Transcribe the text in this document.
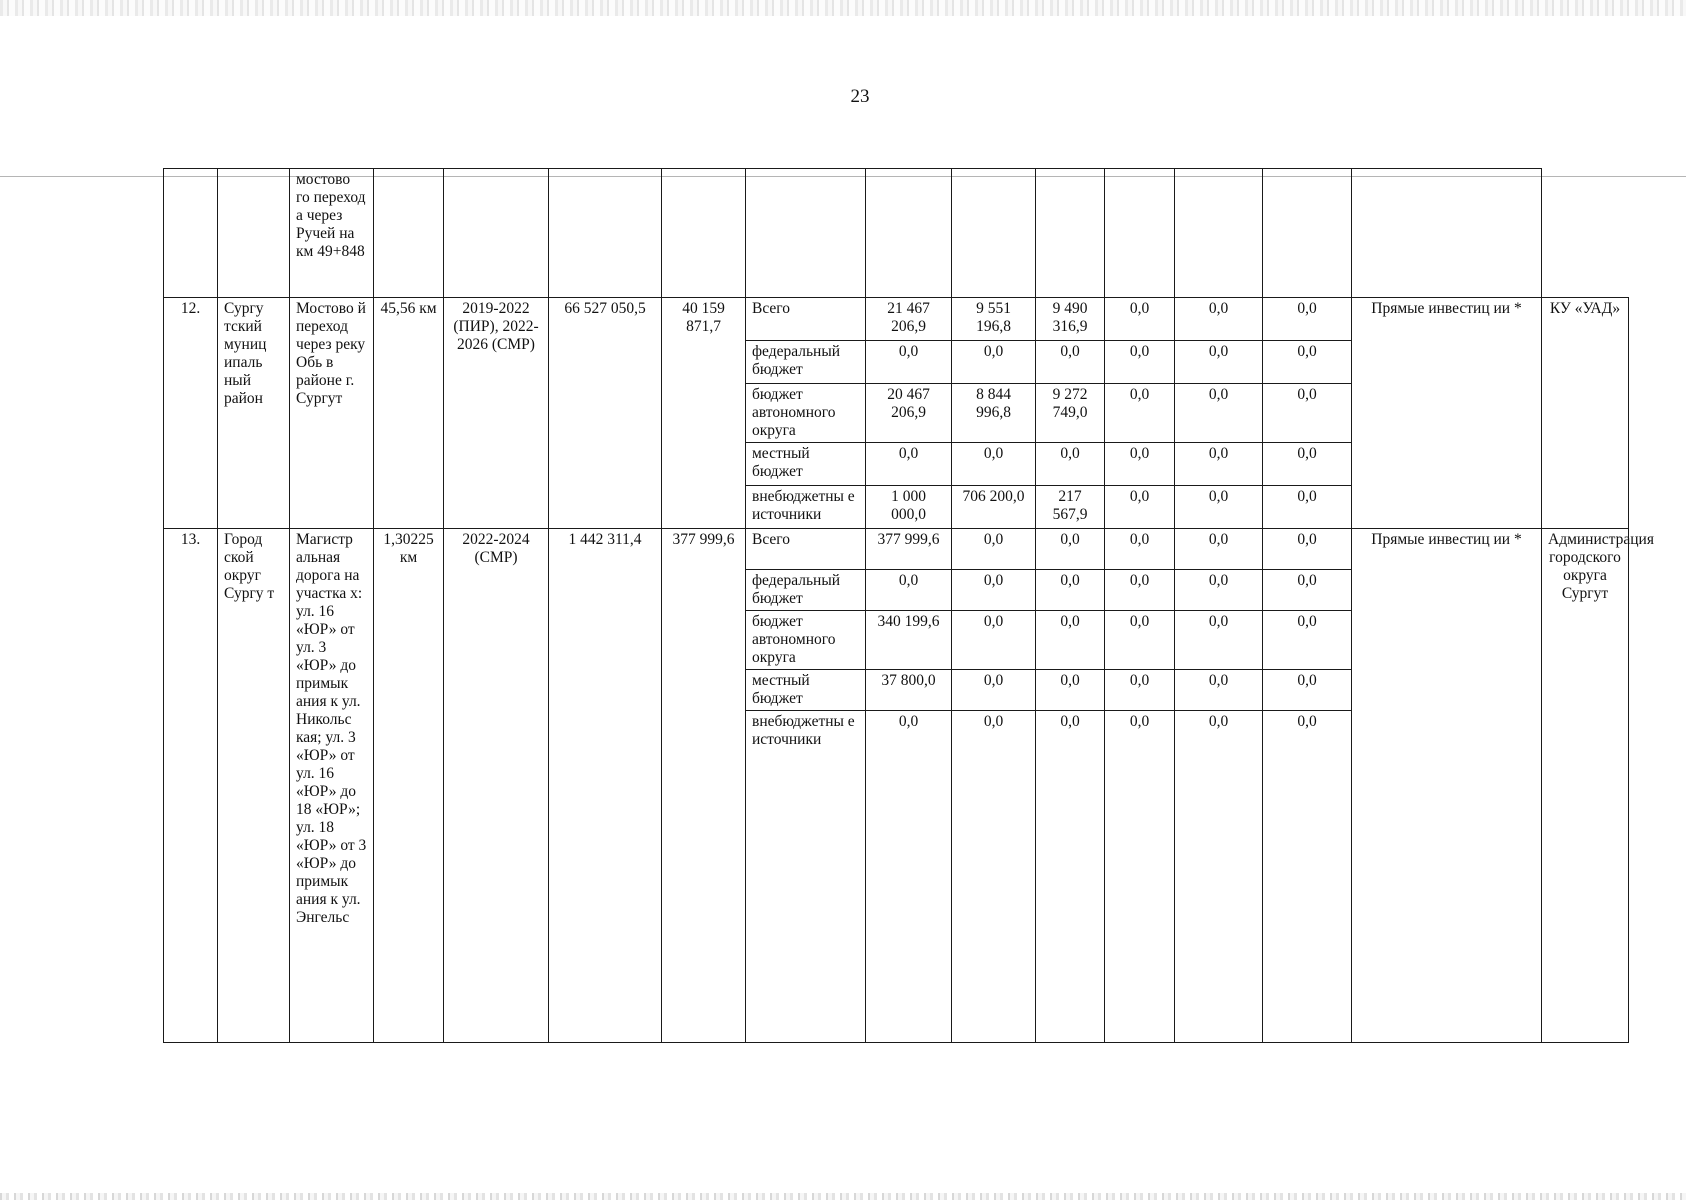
23
		мостово го переход а через Ручей на км 49+848													
12.	Сургу тский муниц ипаль ный район	Мостово й переход через реку Обь в районе г. Сургут	45,56 км	2019-2022 (ПИР), 2022-2026 (СМР)	66 527 050,5	40 159 871,7	Всего	21 467 206,9	9 551 196,8	9 490 316,9	0,0	0,0	0,0	Прямые инвестиц ии *	КУ «УАД»
							федеральный бюджет	0,0	0,0	0,0	0,0	0,0	0,0		
							бюджет автономного округа	20 467 206,9	8 844 996,8	9 272 749,0	0,0	0,0	0,0		
							местный бюджет	0,0	0,0	0,0	0,0	0,0	0,0		
							внебюджетны е источники	1 000 000,0	706 200,0	217 567,9	0,0	0,0	0,0		
13.	Город ской округ Сургу т	Магистр альная дорога на участка х: ул. 16 «ЮР» от ул. 3 «ЮР» до примык ания к ул. Никольс кая; ул. 3 «ЮР» от ул. 16 «ЮР» до 18 «ЮР»; ул. 18 «ЮР» от 3 «ЮР» до примык ания к ул. Энгельс	1,30225 км	2022-2024 (СМР)	1 442 311,4	377 999,6	Всего	377 999,6	0,0	0,0	0,0	0,0	0,0	Прямые инвестиц ии *	Администрация городского округа Сургут
							федеральный бюджет	0,0	0,0	0,0	0,0	0,0	0,0		
							бюджет автономного округа	340 199,6	0,0	0,0	0,0	0,0	0,0		
							местный бюджет	37 800,0	0,0	0,0	0,0	0,0	0,0		
							внебюджетны е источники	0,0	0,0	0,0	0,0	0,0	0,0		
